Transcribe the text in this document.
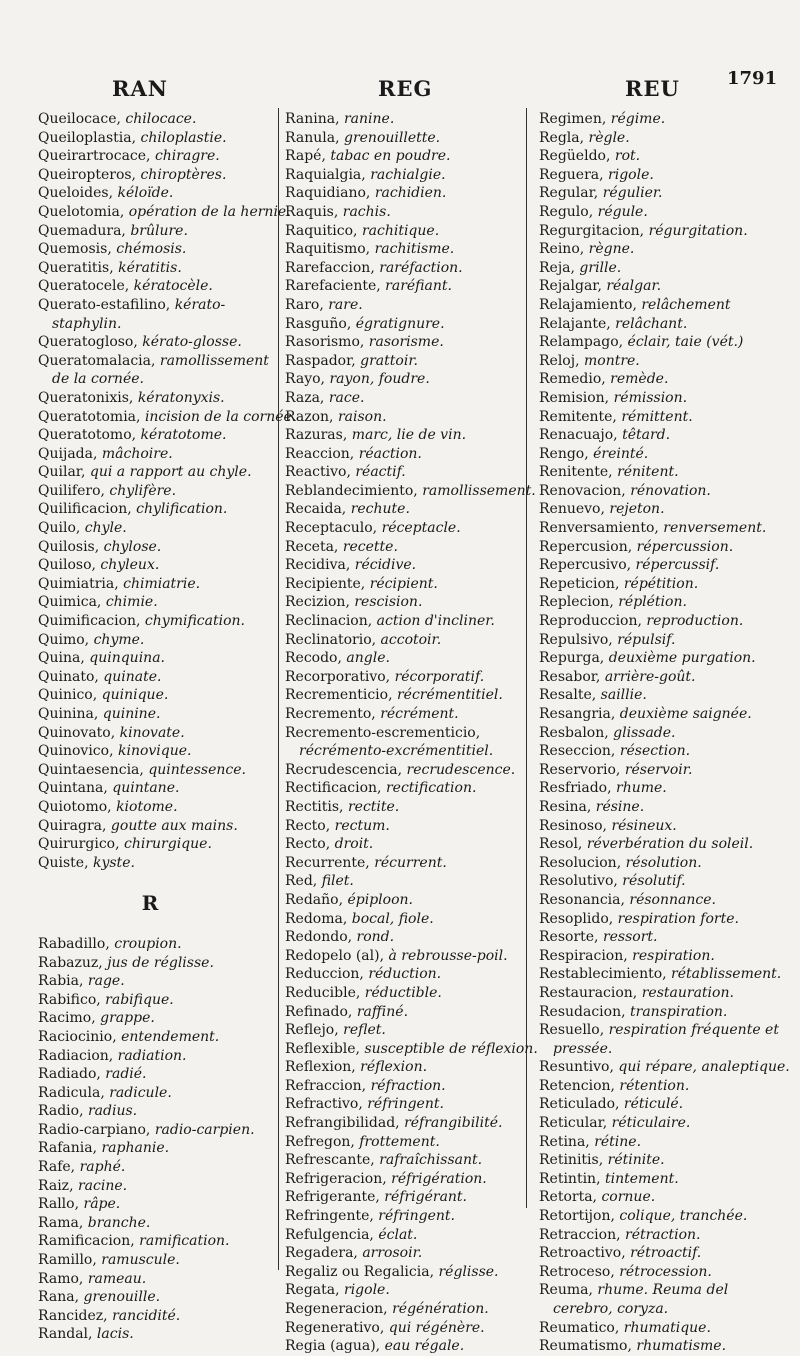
RAN	REG	REU	1791
Queilocace, chilocace.
Queiloplastia, chiloplastie.
Queirartrocace, chiragre.
Queiropteros, chiroptères.
Queloides, kéloïde.
Quelotomia, opération de la hernie.
Quemadura, brûlure.
Quemosis, chémosis.
Queratitis, kératitis.
Queratocele, kératocèle.
Querato-estafilino, kérato-staphylin.
Queratogloso, kérato-glosse.
Queratomalacia, ramollissement de la cornée.
Queratonixis, kératonyxis.
Queratotomia, incision de la cornée.
Queratotomo, kératotome.
Quijada, mâchoire.
Quilar, qui a rapport au chyle.
Quilifero, chylifère.
Quilificacion, chylification.
Quilo, chyle.
Quilosis, chylose.
Quiloso, chyleux.
Quimiatria, chimiatrie.
Quimica, chimie.
Quimificacion, chymification.
Quimo, chyme.
Quina, quinquina.
Quinato, quinate.
Quinico, quinique.
Quinina, quinine.
Quinovato, kinovate.
Quinovico, kinovique.
Quintaesencia, quintessence.
Quintana, quintane.
Quiotomo, kiotome.
Quiragra, goutte aux mains.
Quirurgico, chirurgique.
Quiste, kyste.
R
Rabadillo, croupion.
Rabazuz, jus de réglisse.
Rabia, rage.
Rabifico, rabifique.
Racimo, grappe.
Raciocinio, entendement.
Radiacion, radiation.
Radiado, radié.
Radicula, radicule.
Radio, radius.
Radio-carpiano, radio-carpien.
Rafania, raphanie.
Rafe, raphé.
Raiz, racine.
Rallo, râpe.
Rama, branche.
Ramificacion, ramification.
Ramillo, ramuscule.
Ramo, rameau.
Rana, grenouille.
Rancidez, rancidité.
Randal, lacis.
Ranina, ranine.
Ranula, grenouillette.
Rapé, tabac en poudre.
Raquialgia, rachialgie.
Raquidiano, rachidien.
Raquis, rachis.
Raquitico, rachitique.
Raquitismo, rachitisme.
Rarefaccion, raréfaction.
Rarefaciente, raréfiant.
Raro, rare.
Rasguño, égratignure.
Rasorismo, rasorisme.
Raspador, grattoir.
Rayo, rayon, foudre.
Raza, race.
Razon, raison.
Razuras, marc, lie de vin.
Reaccion, réaction.
Reactivo, réactif.
Reblandecimiento, ramollissement.
Recaida, rechute.
Receptaculo, réceptacle.
Receta, recette.
Recidiva, récidive.
Recipiente, récipient.
Recizion, rescision.
Reclinacion, action d'incliner.
Reclinatorio, accotoir.
Recodo, angle.
Recorporativo, récorporatif.
Recrementicio, récrémentitiel.
Recremento, récrément.
Recremento-escrementicio, récrémento-excrémentitiel.
Recrudescencia, recrudescence.
Rectificacion, rectification.
Rectitis, rectite.
Recto, rectum.
Recto, droit.
Recurrente, récurrent.
Red, filet.
Redaño, épiploon.
Redoma, bocal, fiole.
Redondo, rond.
Redopelo (al), à rebrousse-poil.
Reduccion, réduction.
Reducible, réductible.
Refinado, raffiné.
Reflejo, reflet.
Reflexible, susceptible de réflexion.
Reflexion, réflexion.
Refraccion, réfraction.
Refractivo, réfringent.
Refrangibilidad, réfrangibilité.
Refregon, frottement.
Refrescante, rafraîchissant.
Refrigeracion, réfrigération.
Refrigerante, réfrigérant.
Refringente, réfringent.
Refulgencia, éclat.
Regadera, arrosoir.
Regaliz ou Regalicia, réglisse.
Regata, rigole.
Regeneracion, régénération.
Regenerativo, qui régénère.
Regia (agua), eau régale.
Regimen, régime.
Regla, règle.
Regüeldo, rot.
Reguera, rigole.
Regular, régulier.
Regulo, régule.
Regurgitacion, régurgitation.
Reino, règne.
Reja, grille.
Rejalgar, réalgar.
Relajamiento, relâchement
Relajante, relâchant.
Relampago, éclair, taie (vét.)
Reloj, montre.
Remedio, remède.
Remision, rémission.
Remitente, rémittent.
Renacuajo, têtard.
Rengo, éreinté.
Renitente, rénitent.
Renovacion, rénovation.
Renuevo, rejeton.
Renversamiento, renversement.
Repercusion, répercussion.
Repercusivo, répercussif.
Repeticion, répétition.
Replecion, réplétion.
Reproduccion, reproduction.
Repulsivo, répulsif.
Repurga, deuxième purgation.
Resabor, arrière-goût.
Resalte, saillie.
Resangria, deuxième saignée.
Resbalon, glissade.
Reseccion, résection.
Reservorio, réservoir.
Resfriado, rhume.
Resina, résine.
Resinoso, résineux.
Resol, réverbération du soleil.
Resolucion, résolution.
Resolutivo, résolutif.
Resonancia, résonnance.
Resoplido, respiration forte.
Resorte, ressort.
Respiracion, respiration.
Restablecimiento, rétablissement.
Restauracion, restauration.
Resudacion, transpiration.
Resuello, respiration fréquente et pressée.
Resuntivo, qui répare, analeptique.
Retencion, rétention.
Reticulado, réticulé.
Reticular, réticulaire.
Retina, rétine.
Retinitis, rétinite.
Retintin, tintement.
Retorta, cornue.
Retortijon, colique, tranchée.
Retraccion, rétraction.
Retroactivo, rétroactif.
Retroceso, rétrocession.
Reuma, rhume. Reuma del cerebro, coryza.
Reumatico, rhumatique.
Reumatismo, rhumatisme.
